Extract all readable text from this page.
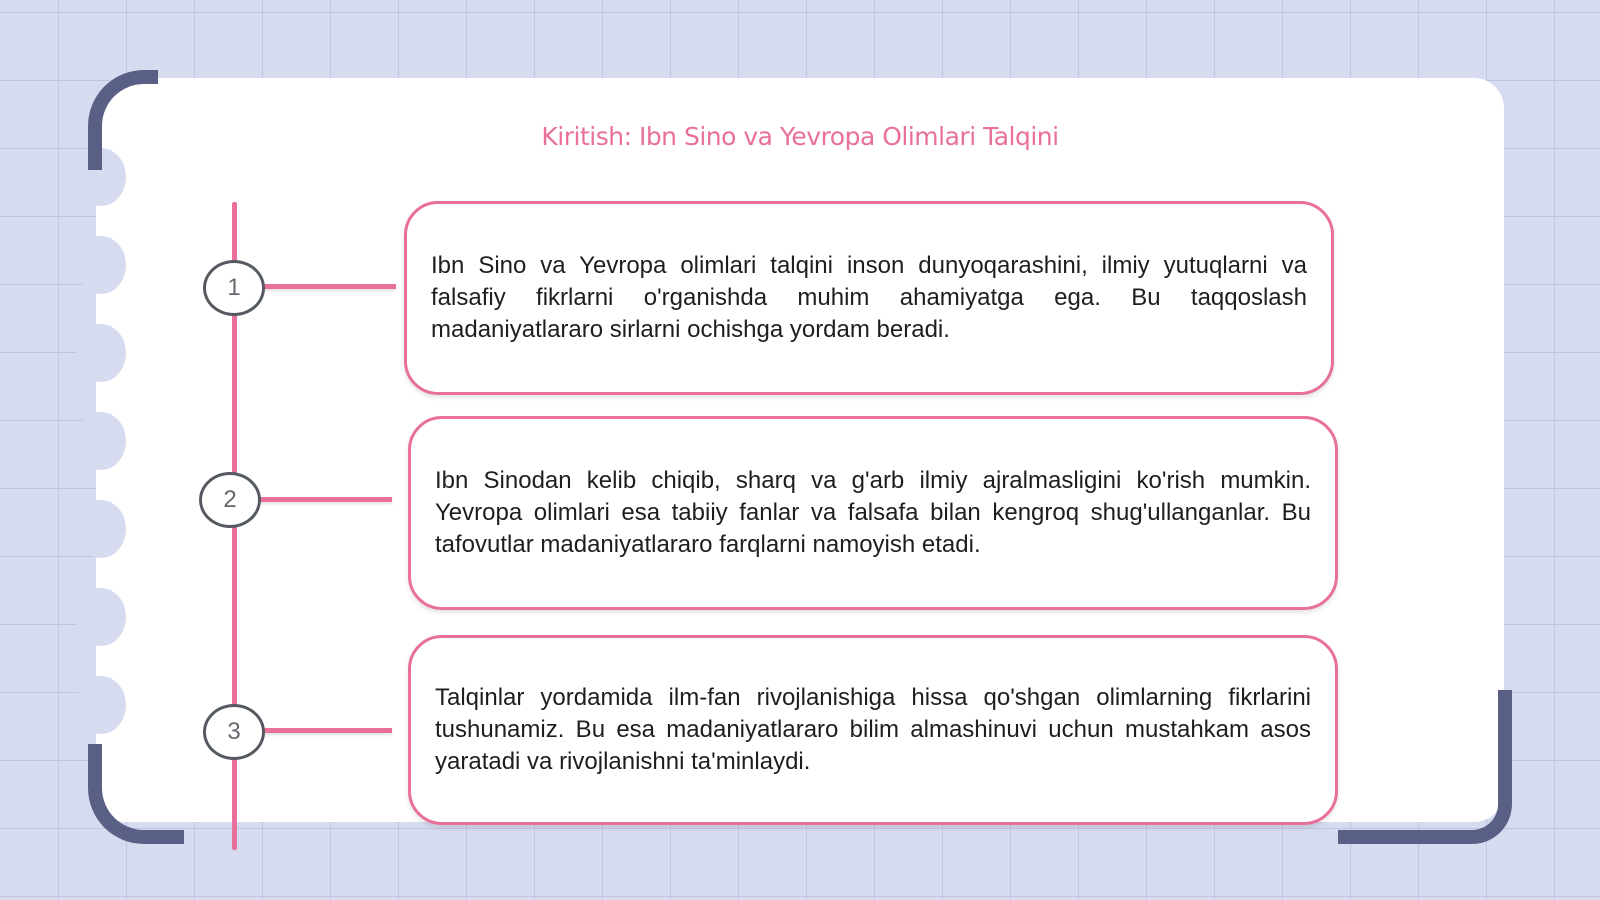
Kiritish: Ibn Sino va Yevropa Olimlari Talqini
1
2
3
Ibn Sino va Yevropa olimlari talqini inson dunyoqarashini, ilmiy yutuqlarni va falsafiy fikrlarni o'rganishda muhim ahamiyatga ega. Bu taqqoslash madaniyatlararo sirlarni ochishga yordam beradi.
Ibn Sinodan kelib chiqib, sharq va g'arb ilmiy ajralmasligini ko'rish mumkin. Yevropa olimlari esa tabiiy fanlar va falsafa bilan kengroq shug'ullanganlar. Bu tafovutlar madaniyatlararo farqlarni namoyish etadi.
Talqinlar yordamida ilm-fan rivojlanishiga hissa qo'shgan olimlarning fikrlarini tushunamiz. Bu esa madaniyatlararo bilim almashinuvi uchun mustahkam asos yaratadi va rivojlanishni ta'minlaydi.
